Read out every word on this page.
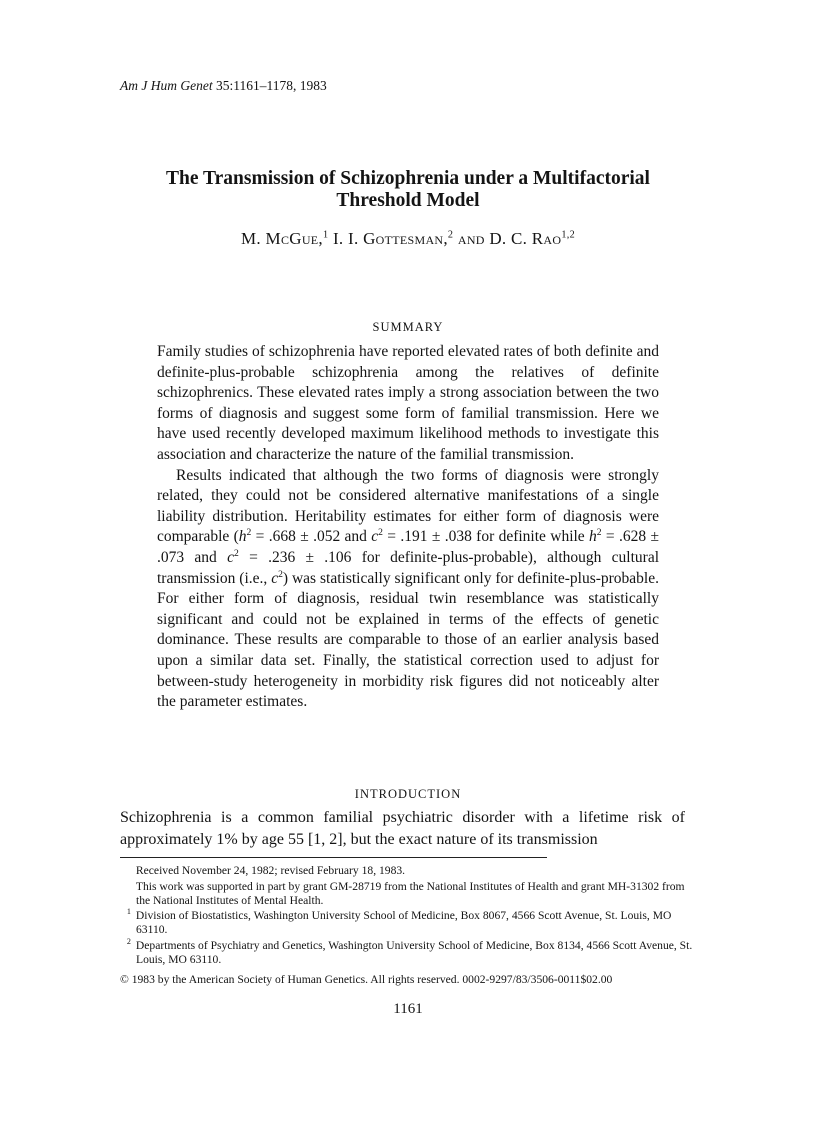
Am J Hum Genet 35:1161–1178, 1983

The Transmission of Schizophrenia under a Multifactorial
Threshold Model

M. McGue,$^1$ I. I. Gottesman,$^2$ and D. C. Rao$^{1,2}$

SUMMARY

Family studies of schizophrenia have reported elevated rates of both definite and definite-plus-probable schizophrenia among the relatives of definite schizophrenics. These elevated rates imply a strong association between the two forms of diagnosis and suggest some form of familial transmission. Here we have used recently developed maximum likelihood methods to investigate this association and characterize the nature of the familial transmission.

Results indicated that although the two forms of diagnosis were strongly related, they could not be considered alternative manifestations of a single liability distribution. Heritability estimates for either form of diagnosis were comparable ($h^2 = .668 \pm .052$ and $c^2 = .191 \pm .038$ for definite while $h^2 = .628 \pm .073$ and $c^2 = .236 \pm .106$ for definite-plus-probable), although cultural transmission (i.e., $c^2$) was statistically significant only for definite-plus-probable. For either form of diagnosis, residual twin resemblance was statistically significant and could not be explained in terms of the effects of genetic dominance. These results are comparable to those of an earlier analysis based upon a similar data set. Finally, the statistical correction used to adjust for between-study heterogeneity in morbidity risk figures did not noticeably alter the parameter estimates.

INTRODUCTION

Schizophrenia is a common familial psychiatric disorder with a lifetime risk of approximately 1% by age 55 [1, 2], but the exact nature of its transmission

Received November 24, 1982; revised February 18, 1983.

This work was supported in part by grant GM-28719 from the National Institutes of Health and grant MH-31302 from the National Institutes of Mental Health.

1 Division of Biostatistics, Washington University School of Medicine, Box 8067, 4566 Scott Avenue, St. Louis, MO 63110.

2 Departments of Psychiatry and Genetics, Washington University School of Medicine, Box 8134, 4566 Scott Avenue, St. Louis, MO 63110.

© 1983 by the American Society of Human Genetics. All rights reserved. 0002-9297/83/3506-0011$02.00

1161
